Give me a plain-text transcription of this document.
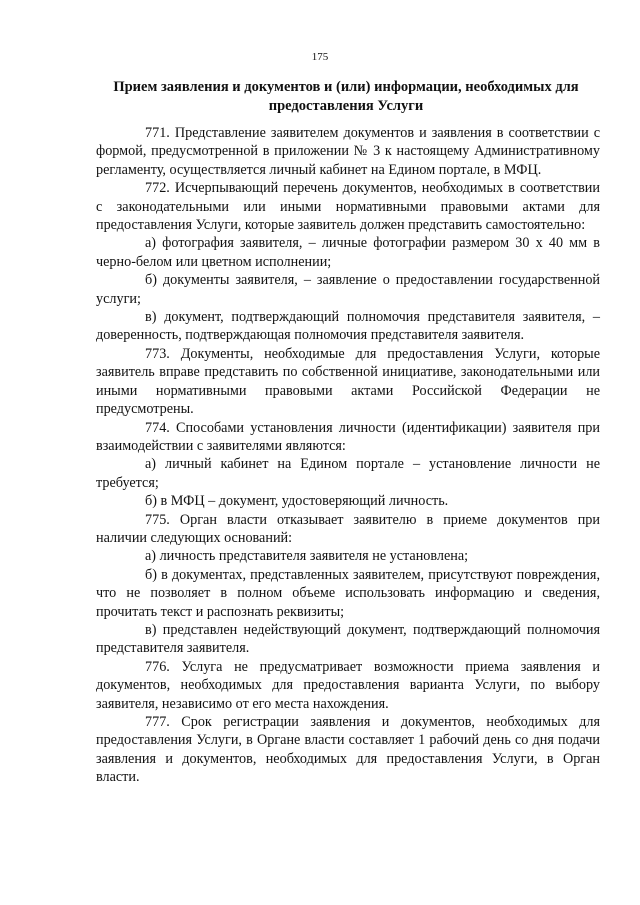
175
Прием заявления и документов и (или) информации, необходимых для предоставления Услуги

771. Представление заявителем документов и заявления в соответствии с формой, предусмотренной в приложении № 3 к настоящему Административному регламенту, осуществляется личный кабинет на Едином портале, в МФЦ.

772. Исчерпывающий перечень документов, необходимых в соответствии с законодательными или иными нормативными правовыми актами для предоставления Услуги, которые заявитель должен представить самостоятельно:

а) фотография заявителя, – личные фотографии размером 30 х 40 мм в черно-белом или цветном исполнении;

б) документы заявителя, – заявление о предоставлении государственной услуги;

в) документ, подтверждающий полномочия представителя заявителя, – доверенность, подтверждающая полномочия представителя заявителя.

773. Документы, необходимые для предоставления Услуги, которые заявитель вправе представить по собственной инициативе, законодательными или иными нормативными правовыми актами Российской Федерации не предусмотрены.

774. Способами установления личности (идентификации) заявителя при взаимодействии с заявителями являются:

а) личный кабинет на Едином портале – установление личности не требуется;

б) в МФЦ – документ, удостоверяющий личность.

775. Орган власти отказывает заявителю в приеме документов при наличии следующих оснований:

а) личность представителя заявителя не установлена;

б) в документах, представленных заявителем, присутствуют повреждения, что не позволяет в полном объеме использовать информацию и сведения, прочитать текст и распознать реквизиты;

в) представлен недействующий документ, подтверждающий полномочия представителя заявителя.

776. Услуга не предусматривает возможности приема заявления и документов, необходимых для предоставления варианта Услуги, по выбору заявителя, независимо от его места нахождения.

777. Срок регистрации заявления и документов, необходимых для предоставления Услуги, в Органе власти составляет 1 рабочий день со дня подачи заявления и документов, необходимых для предоставления Услуги, в Орган власти.
